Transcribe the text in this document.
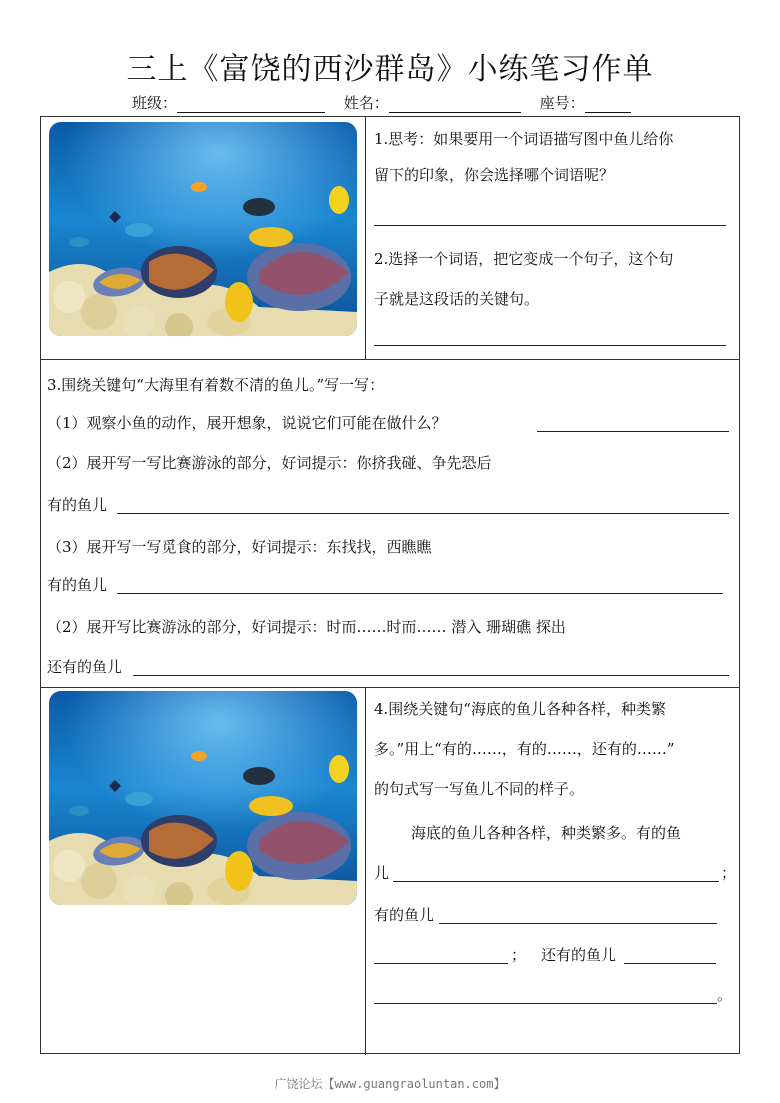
三上《富饶的西沙群岛》小练笔习作单
班级：	姓名：	座号：
1.思考：如果要用一个词语描写图中鱼儿给你
留下的印象，你会选择哪个词语呢？
2.选择一个词语，把它变成一个句子，这个句
子就是这段话的关键句。
3.围绕关键句“大海里有着数不清的鱼儿。”写一写：
（1）观察小鱼的动作，展开想象，说说它们可能在做什么？
（2）展开写一写比赛游泳的部分，好词提示：你挤我碰、争先恐后
有的鱼儿
（3）展开写一写觅食的部分，好词提示：东找找，西瞧瞧
有的鱼儿
（2）展开写比赛游泳的部分，好词提示：时而……时而…… 潜入 珊瑚礁 探出
还有的鱼儿
4.围绕关键句“海底的鱼儿各种各样，种类繁
多。”用上“有的……，有的……，还有的……”
的句式写一写鱼儿不同的样子。
海底的鱼儿各种各样，种类繁多。有的鱼
儿	；
有的鱼儿
； 还有的鱼儿
。
广饶论坛【www.guangraoluntan.com】
